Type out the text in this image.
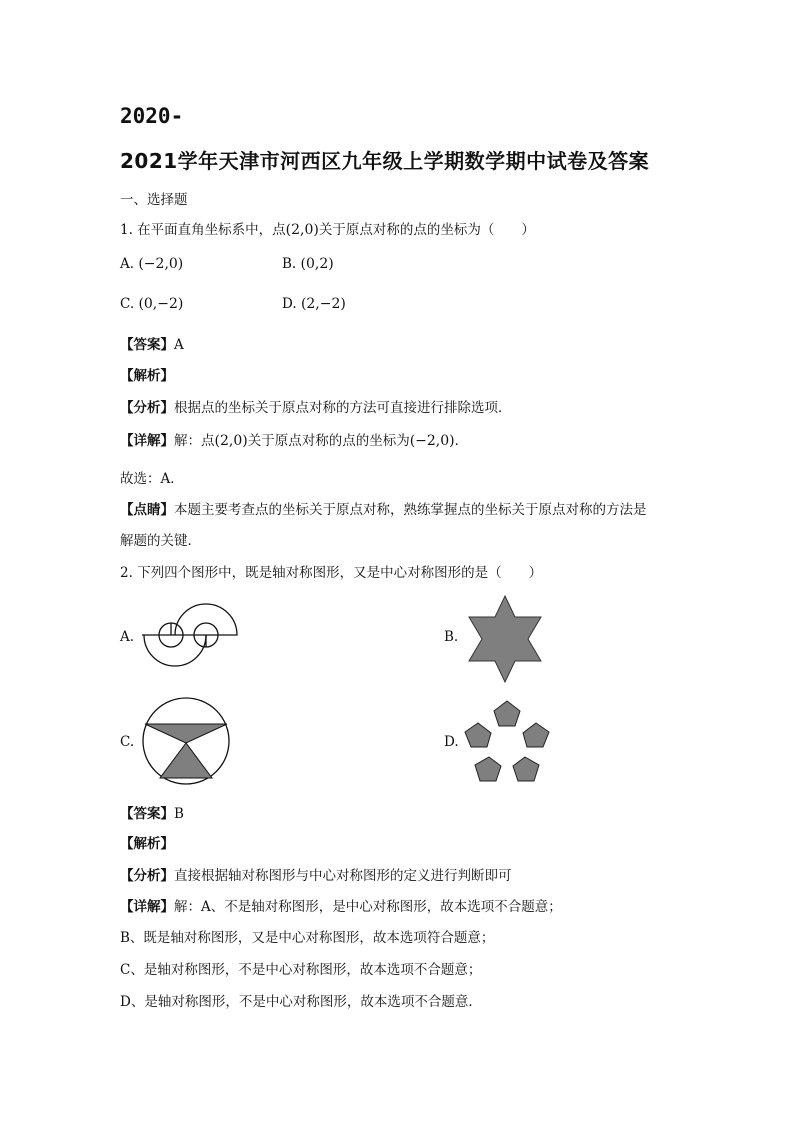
2020-
2021学年天津市河西区九年级上学期数学期中试卷及答案
一、选择题
1. 在平面直角坐标系中，点(2,0)关于原点对称的点的坐标为（　　）
A. (−2,0)	B. (0,2)
C. (0,−2)	D. (2,−2)
【答案】A
【解析】
【分析】根据点的坐标关于原点对称的方法可直接进行排除选项．
【详解】解：点(2,0)关于原点对称的点的坐标为(−2,0)．
故选：A．
【点睛】本题主要考查点的坐标关于原点对称，熟练掌握点的坐标关于原点对称的方法是
解题的关键．
2. 下列四个图形中，既是轴对称图形，又是中心对称图形的是（　　）
A.	B.
C.	D.
【答案】B
【解析】
【分析】直接根据轴对称图形与中心对称图形的定义进行判断即可
【详解】解：A、不是轴对称图形，是中心对称图形，故本选项不合题意；
B、既是轴对称图形，又是中心对称图形，故本选项符合题意；
C、是轴对称图形，不是中心对称图形，故本选项不合题意；
D、是轴对称图形，不是中心对称图形，故本选项不合题意．
